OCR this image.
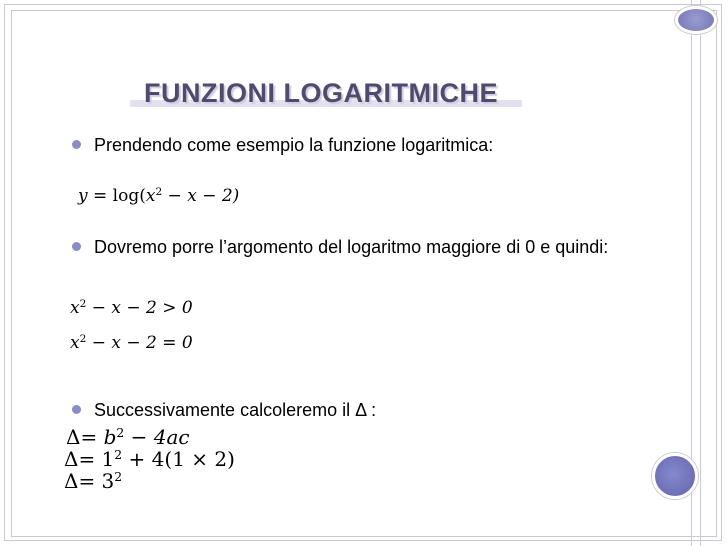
FUNZIONI LOGARITMICHE
Prendendo come esempio la funzione logaritmica:
$y = \log(x^2 - x - 2)$
Dovremo porre l’argomento del logaritmo maggiore di 0 e quindi:
$x^2 - x - 2 > 0$
$x^2 - x - 2 = 0$
Successivamente calcoleremo il Δ :
$\Delta= b^2 - 4ac$
$\Delta= 1^2 + 4(1 \times 2)$
$\Delta= 3^2$
